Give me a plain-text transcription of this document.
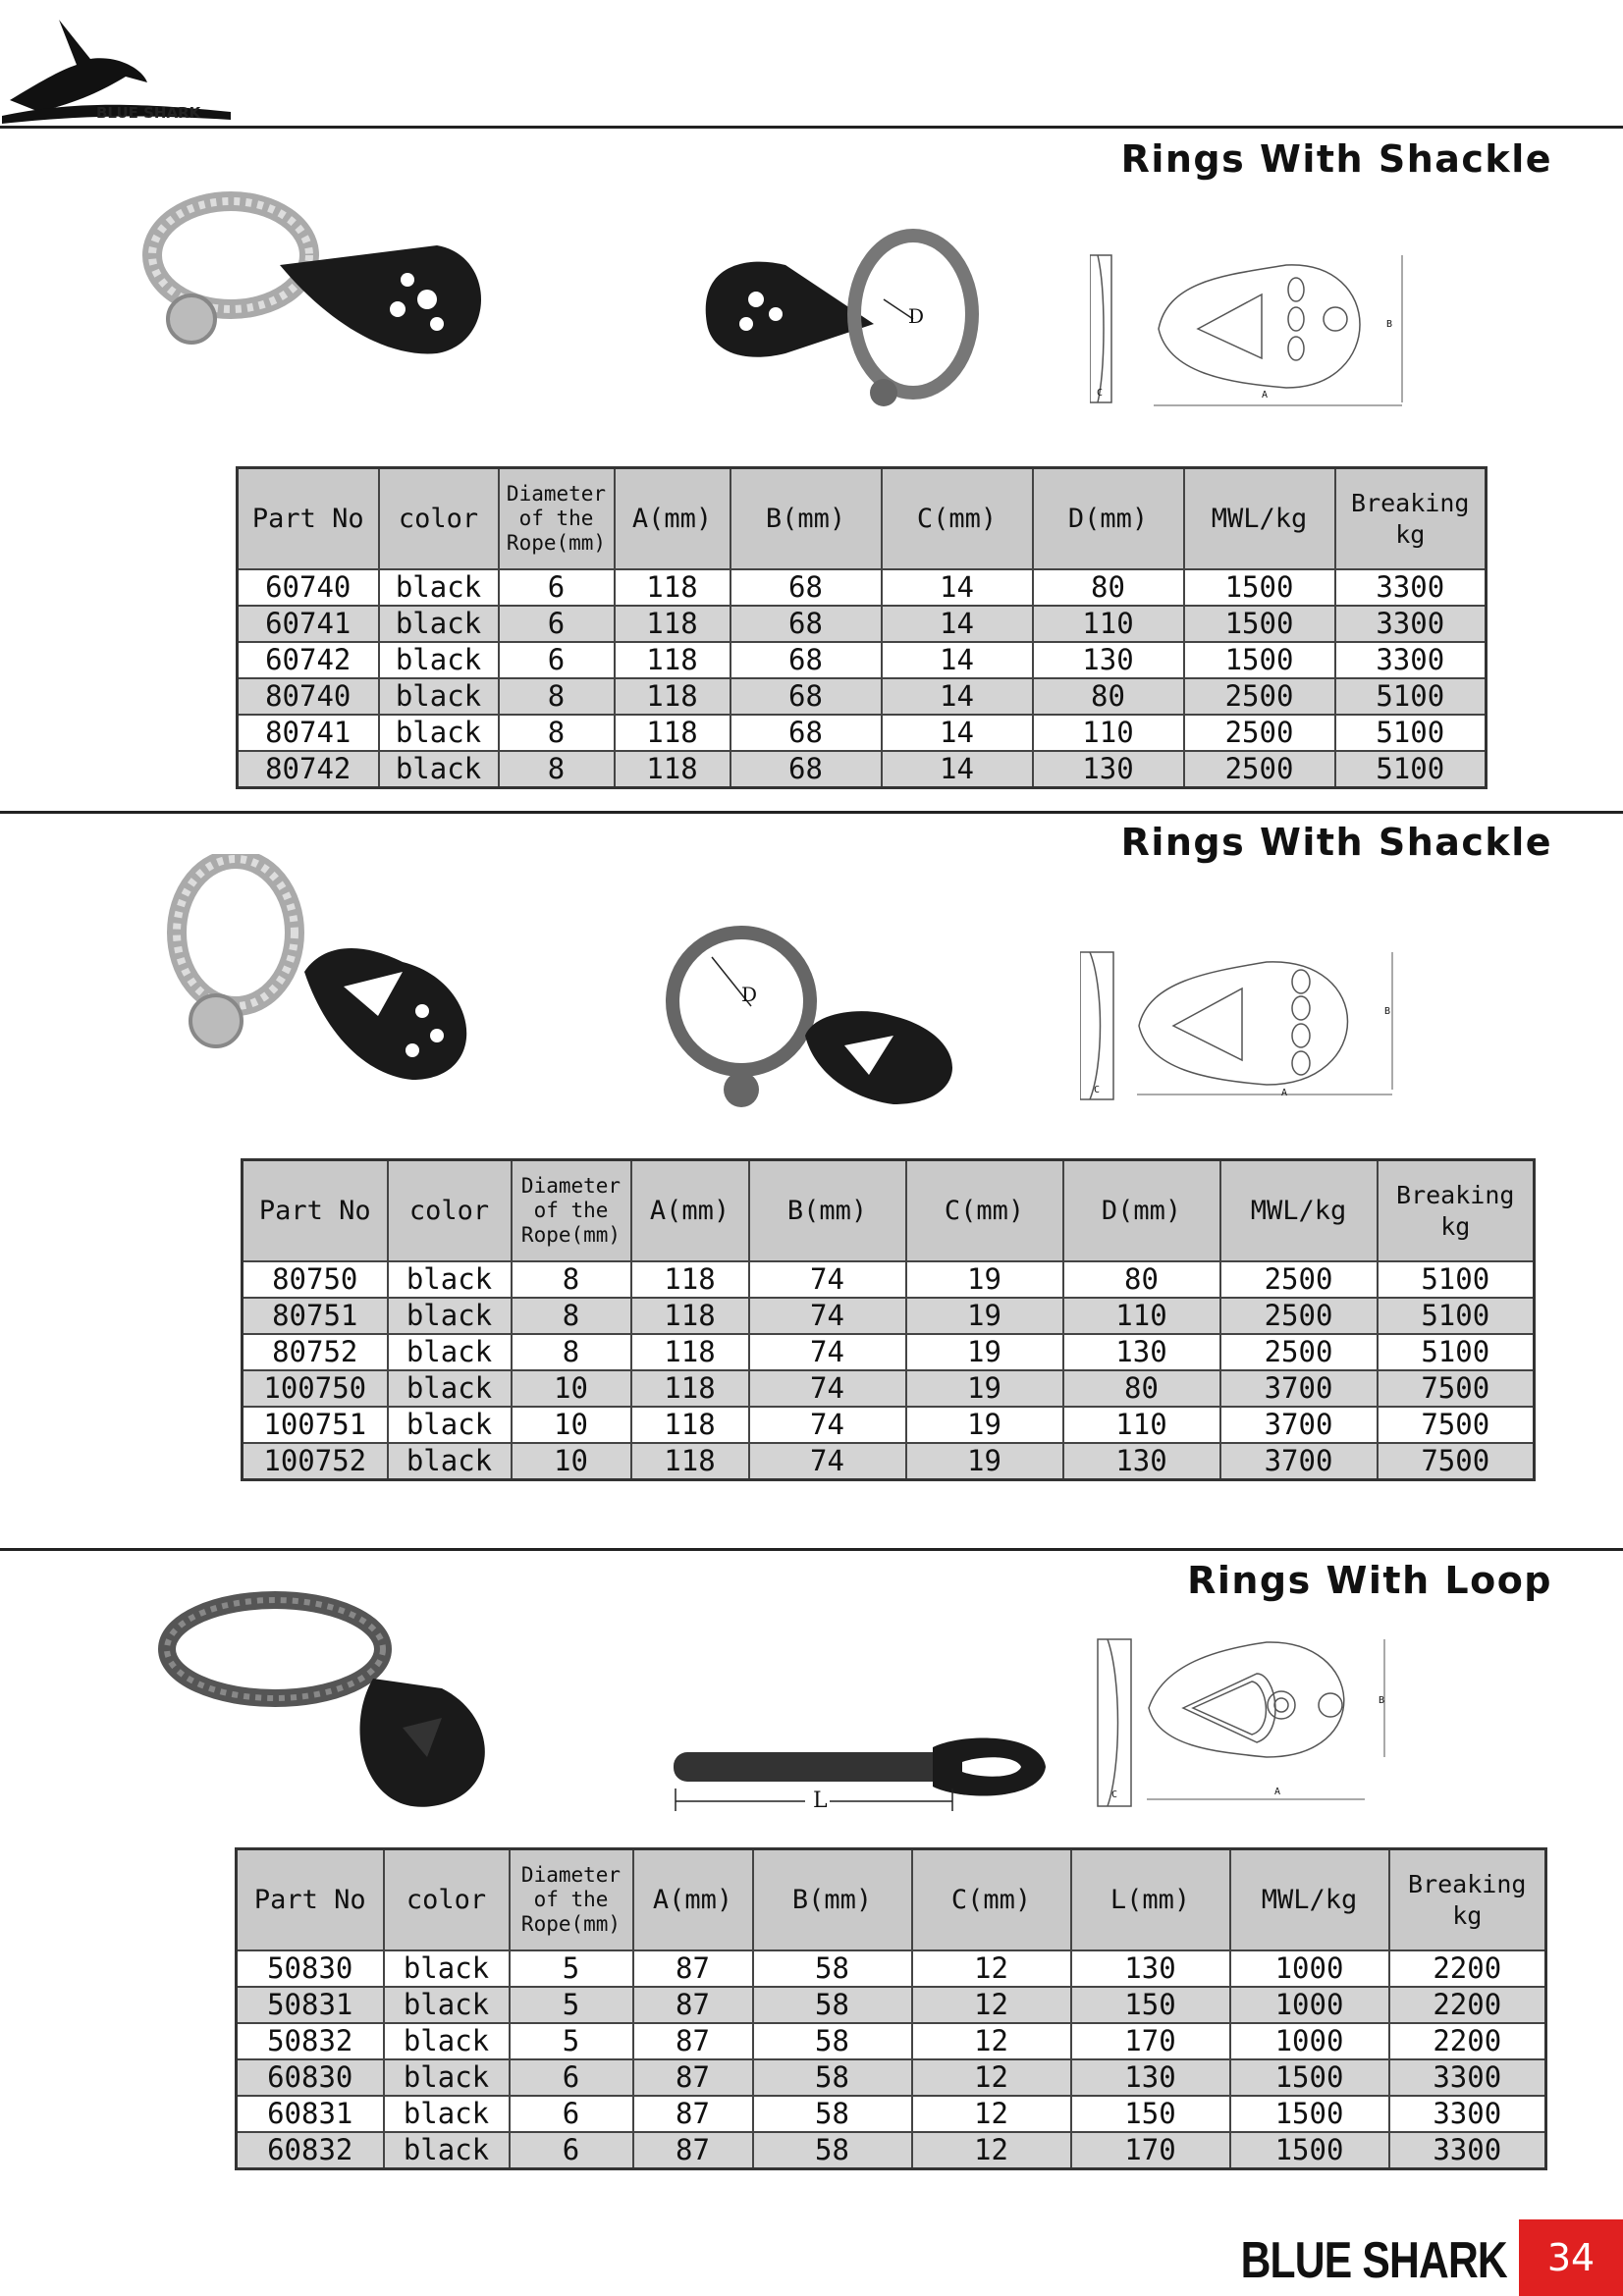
BLUE SHARK
Rings With Shackle
D
A
B
C
Part No	color	Diameter
of the
Rope(mm)	A(mm)	B(mm)	C(mm)	D(mm)	MWL/kg	Breaking
kg
60740	black	6	118	68	14	80	1500	3300
60741	black	6	118	68	14	110	1500	3300
60742	black	6	118	68	14	130	1500	3300
80740	black	8	118	68	14	80	2500	5100
80741	black	8	118	68	14	110	2500	5100
80742	black	8	118	68	14	130	2500	5100
Rings With Shackle
D
A
B
C
Part No	color	Diameter
of the
Rope(mm)	A(mm)	B(mm)	C(mm)	D(mm)	MWL/kg	Breaking
kg
80750	black	8	118	74	19	80	2500	5100
80751	black	8	118	74	19	110	2500	5100
80752	black	8	118	74	19	130	2500	5100
100750	black	10	118	74	19	80	3700	7500
100751	black	10	118	74	19	110	3700	7500
100752	black	10	118	74	19	130	3700	7500
Rings With Loop
L	A
B
C
Part No	color	Diameter
of the
Rope(mm)	A(mm)	B(mm)	C(mm)	L(mm)	MWL/kg	Breaking
kg
50830	black	5	87	58	12	130	1000	2200
50831	black	5	87	58	12	150	1000	2200
50832	black	5	87	58	12	170	1000	2200
60830	black	6	87	58	12	130	1500	3300
60831	black	6	87	58	12	150	1500	3300
60832	black	6	87	58	12	170	1500	3300
BLUE SHARK	34
